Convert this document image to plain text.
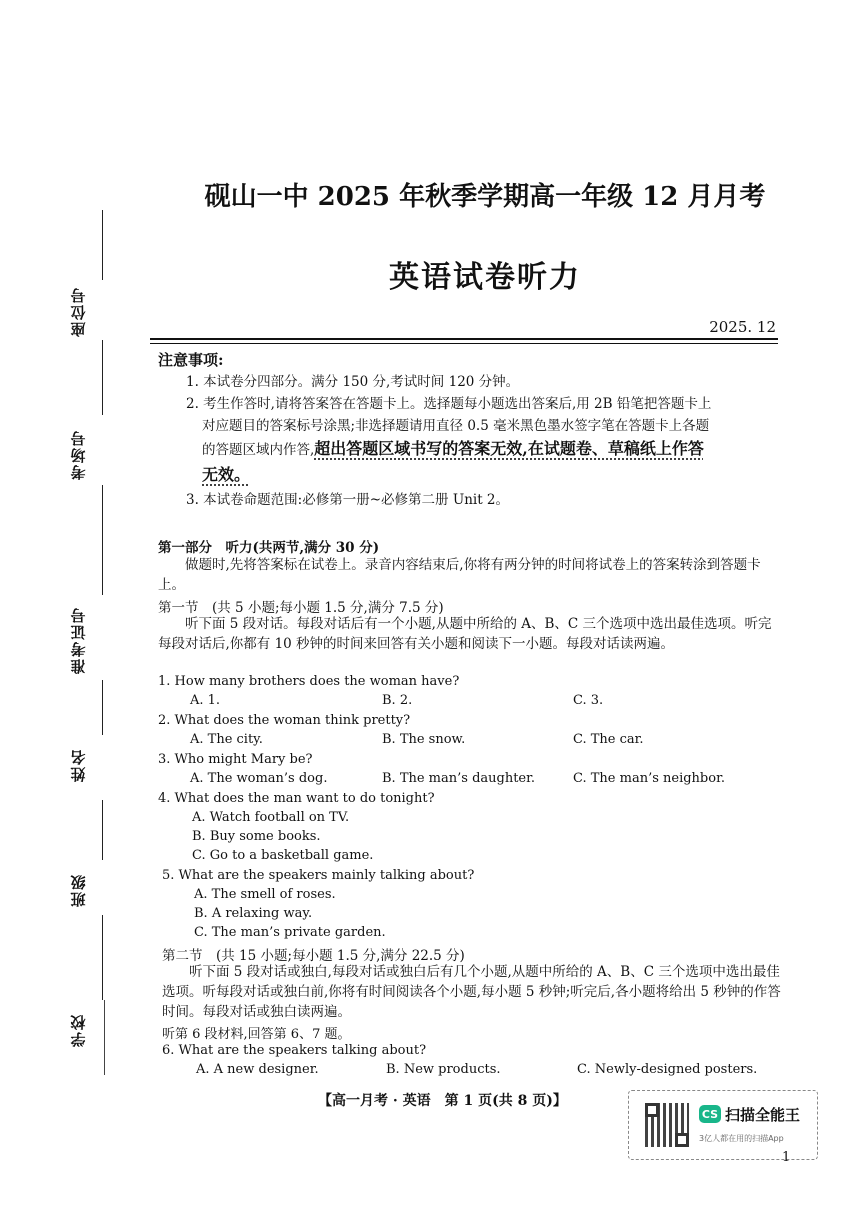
座位号
考场号
准考证号
姓名
班级
学校
砚山一中 2025 年秋季学期高一年级 12 月月考
英语试卷听力
2025. 12
注意事项:
1. 本试卷分四部分。满分 150 分,考试时间 120 分钟。
2. 考生作答时,请将答案答在答题卡上。选择题每小题选出答案后,用 2B 铅笔把答题卡上
对应题目的答案标号涂黑;非选择题请用直径 0.5 毫米黑色墨水签字笔在答题卡上各题
的答题区域内作答,超出答题区域书写的答案无效,在试题卷、草稿纸上作答
无效。
3. 本试卷命题范围:必修第一册~必修第二册 Unit 2。
第一部分　听力(共两节,满分 30 分)
做题时,先将答案标在试卷上。录音内容结束后,你将有两分钟的时间将试卷上的答案转涂到答题卡上。
第一节　(共 5 小题;每小题 1.5 分,满分 7.5 分)
听下面 5 段对话。每段对话后有一个小题,从题中所给的 A、B、C 三个选项中选出最佳选项。听完每段对话后,你都有 10 秒钟的时间来回答有关小题和阅读下一小题。每段对话读两遍。
1. How many brothers does the woman have?
A. 1.	B. 2.	C. 3.
2. What does the woman think pretty?
A. The city.	B. The snow.	C. The car.
3. Who might Mary be?
A. The woman’s dog.	B. The man’s daughter.	C. The man’s neighbor.
4. What does the man want to do tonight?
A. Watch football on TV.
B. Buy some books.
C. Go to a basketball game.
5. What are the speakers mainly talking about?
A. The smell of roses.
B. A relaxing way.
C. The man’s private garden.
第二节　(共 15 小题;每小题 1.5 分,满分 22.5 分)
听下面 5 段对话或独白,每段对话或独白后有几个小题,从题中所给的 A、B、C 三个选项中选出最佳选项。听每段对话或独白前,你将有时间阅读各个小题,每小题 5 秒钟;听完后,各小题将给出 5 秒钟的作答时间。每段对话或独白读两遍。
听第 6 段材料,回答第 6、7 题。
6. What are the speakers talking about?
A. A new designer.	B. New products.	C. Newly-designed posters.
【高一月考 · 英语　第 1 页(共 8 页)】
CS 扫描全能王
3亿人都在用的扫描App
1
